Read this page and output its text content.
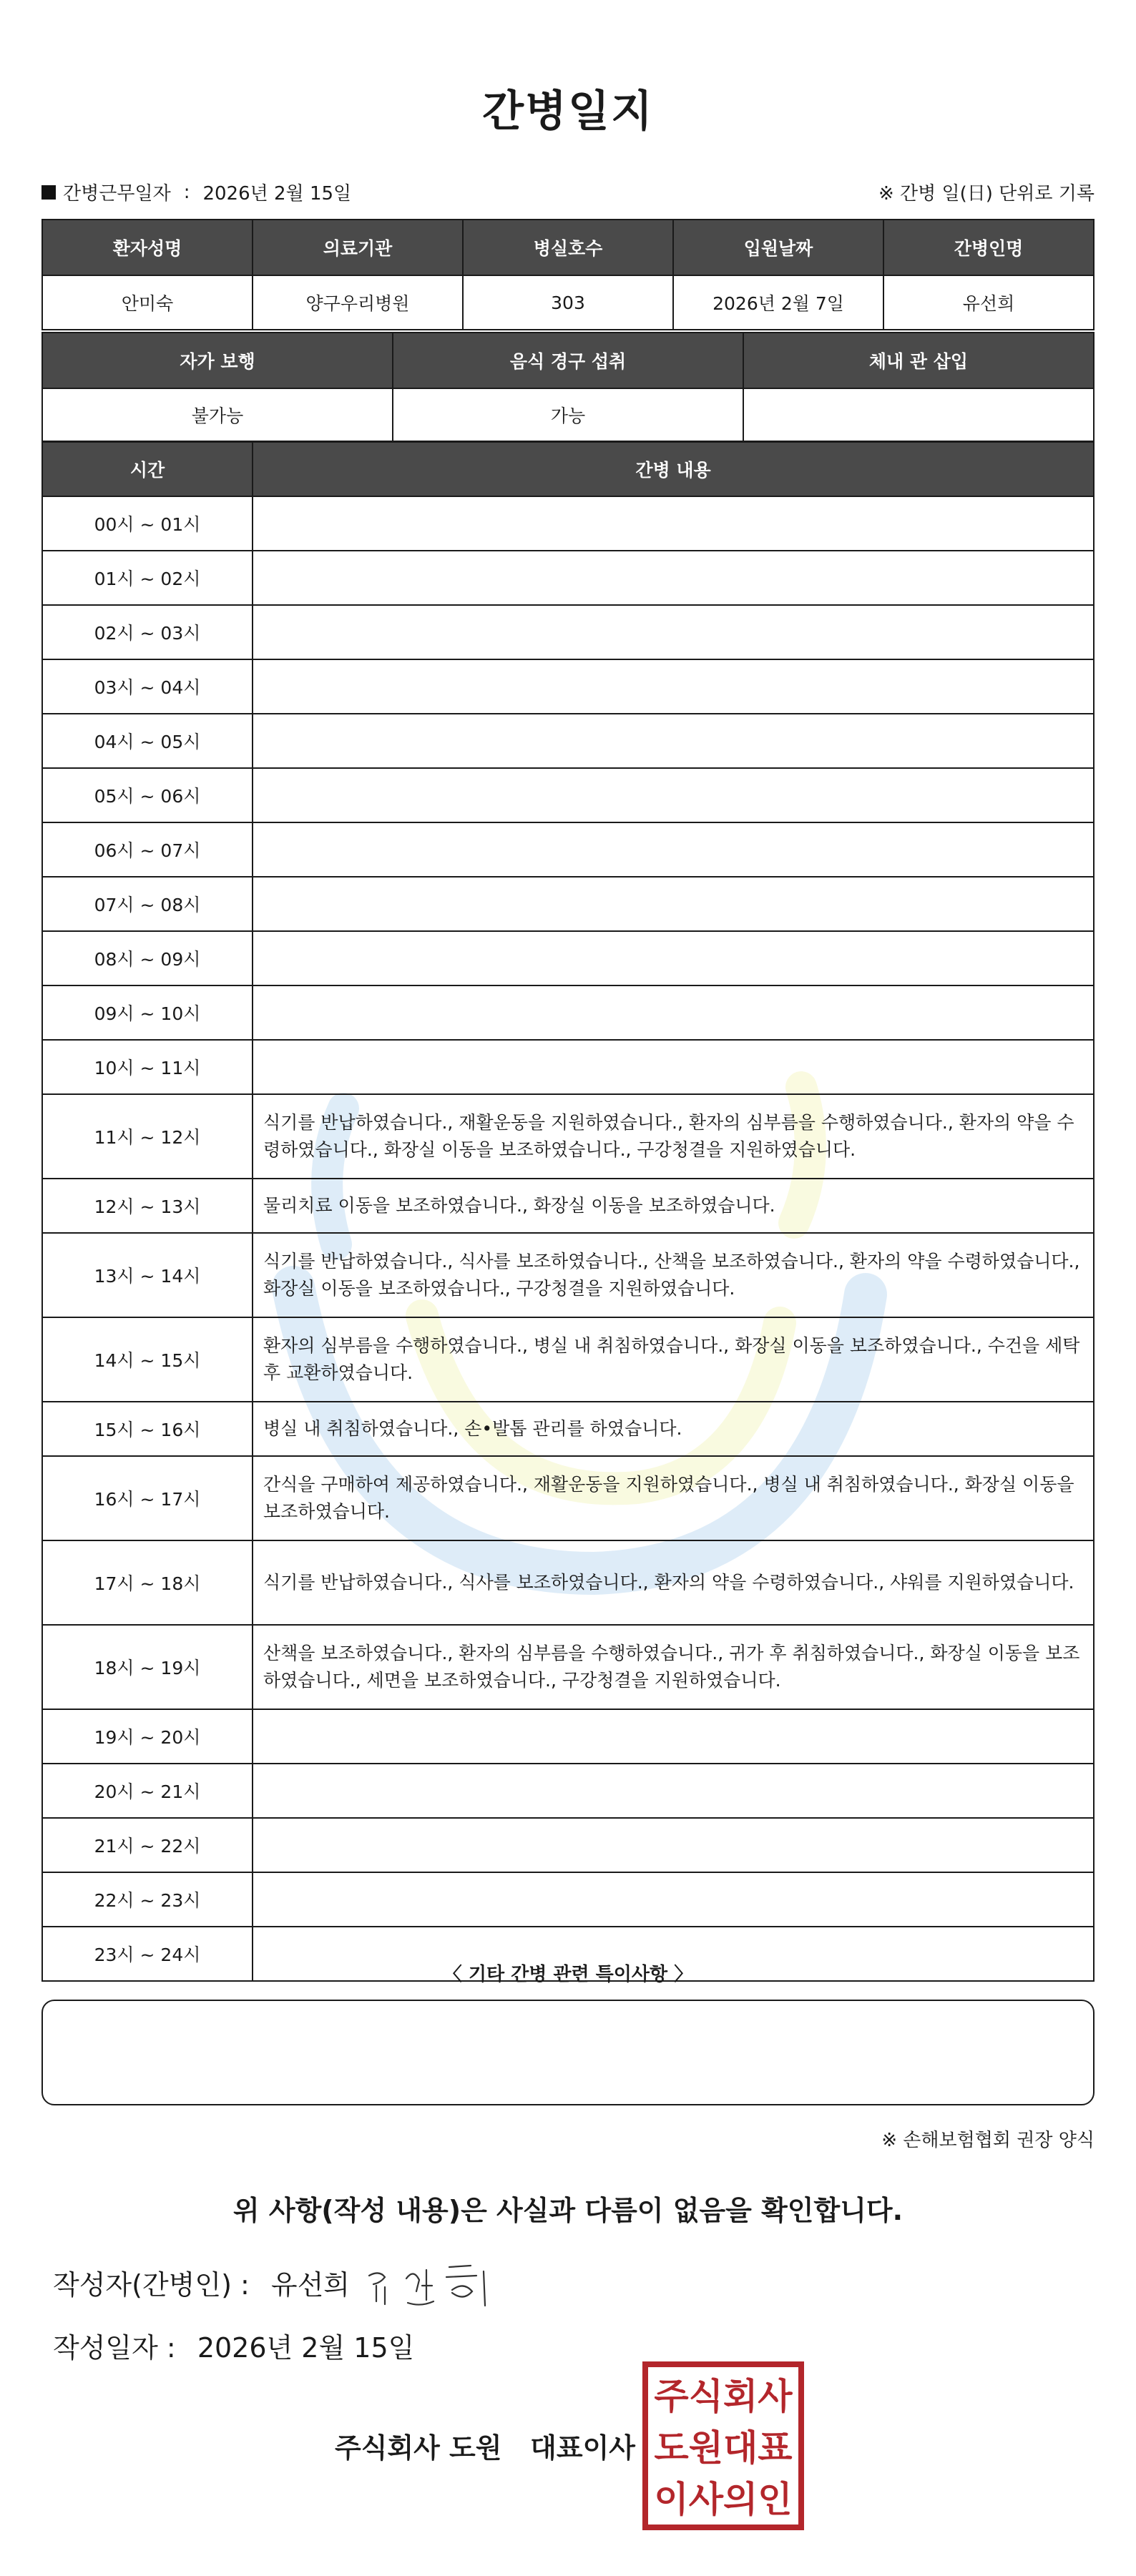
간병일지
간병근무일자 : 2026년 2월 15일	※ 간병 일(日) 단위로 기록
환자성명	의료기관	병실호수	입원날짜	간병인명
안미숙	양구우리병원	303	2026년 2월 7일	유선희
자가 보행	음식 경구 섭취	체내 관 삽입
불가능	가능	
시간	간병 내용
00시 ~ 01시	
01시 ~ 02시	
02시 ~ 03시	
03시 ~ 04시	
04시 ~ 05시	
05시 ~ 06시	
06시 ~ 07시	
07시 ~ 08시	
08시 ~ 09시	
09시 ~ 10시	
10시 ~ 11시	
11시 ~ 12시	식기를 반납하였습니다., 재활운동을 지원하였습니다., 환자의 심부름을 수행하였습니다., 환자의 약을 수령하였습니다., 화장실 이동을 보조하였습니다., 구강청결을 지원하였습니다.
12시 ~ 13시	물리치료 이동을 보조하였습니다., 화장실 이동을 보조하였습니다.
13시 ~ 14시	식기를 반납하였습니다., 식사를 보조하였습니다., 산책을 보조하였습니다., 환자의 약을 수령하였습니다., 화장실 이동을 보조하였습니다., 구강청결을 지원하였습니다.
14시 ~ 15시	환자의 심부름을 수행하였습니다., 병실 내 취침하였습니다., 화장실 이동을 보조하였습니다., 수건을 세탁 후 교환하였습니다.
15시 ~ 16시	병실 내 취침하였습니다., 손•발톱 관리를 하였습니다.
16시 ~ 17시	간식을 구매하여 제공하였습니다., 재활운동을 지원하였습니다., 병실 내 취침하였습니다., 화장실 이동을 보조하였습니다.
17시 ~ 18시	식기를 반납하였습니다., 식사를 보조하였습니다., 환자의 약을 수령하였습니다., 샤워를 지원하였습니다.
18시 ~ 19시	산책을 보조하였습니다., 환자의 심부름을 수행하였습니다., 귀가 후 취침하였습니다., 화장실 이동을 보조하였습니다., 세면을 보조하였습니다., 구강청결을 지원하였습니다.
19시 ~ 20시	
20시 ~ 21시	
21시 ~ 22시	
22시 ~ 23시	
23시 ~ 24시	
〈 기타 간병 관련 특이사항 〉
※ 손해보험협회 권장 양식
위 사항(작성 내용)은 사실과 다름이 없음을 확인합니다.
작성자(간병인) : 유선희
작성일자 : 2026년 2월 15일
주식회사 도원   대표이사
주식회사
도원대표
이사의인
